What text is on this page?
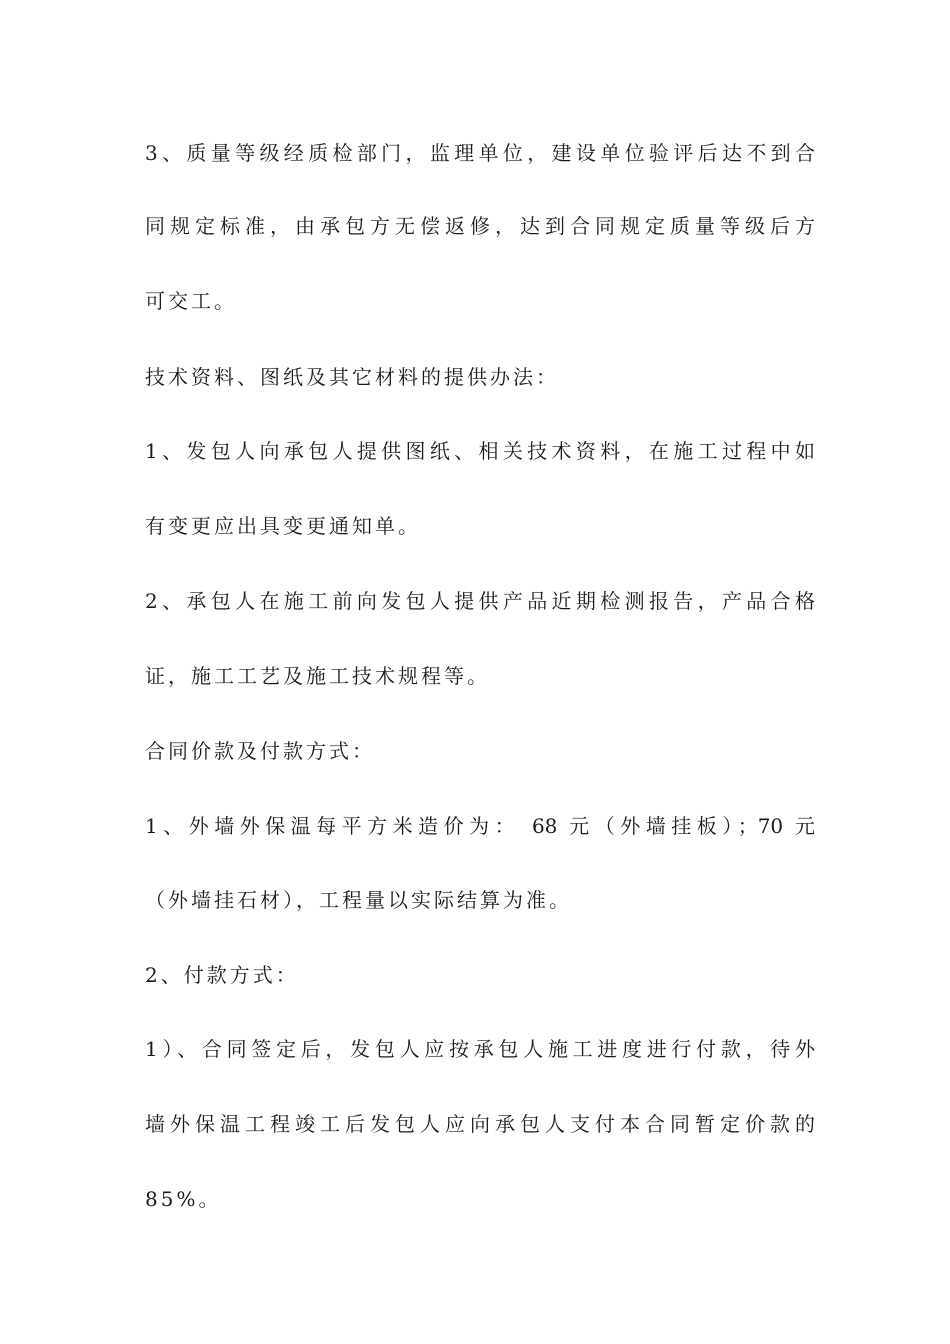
3、质量等级经质检部门，监理单位，建设单位验评后达不到合
同规定标准，由承包方无偿返修，达到合同规定质量等级后方
可交工。
技术资料、图纸及其它材料的提供办法：
1、发包人向承包人提供图纸、相关技术资料，在施工过程中如
有变更应出具变更通知单。
2、承包人在施工前向发包人提供产品近期检测报告，产品合格
证，施工工艺及施工技术规程等。
合同价款及付款方式：
1、外墙外保温每平方米造价为： 68 元（外墙挂板）；70 元
（外墙挂石材），工程量以实际结算为准。
2、付款方式：
1）、合同签定后，发包人应按承包人施工进度进行付款，待外
墙外保温工程竣工后发包人应向承包人支付本合同暂定价款的
85%。
